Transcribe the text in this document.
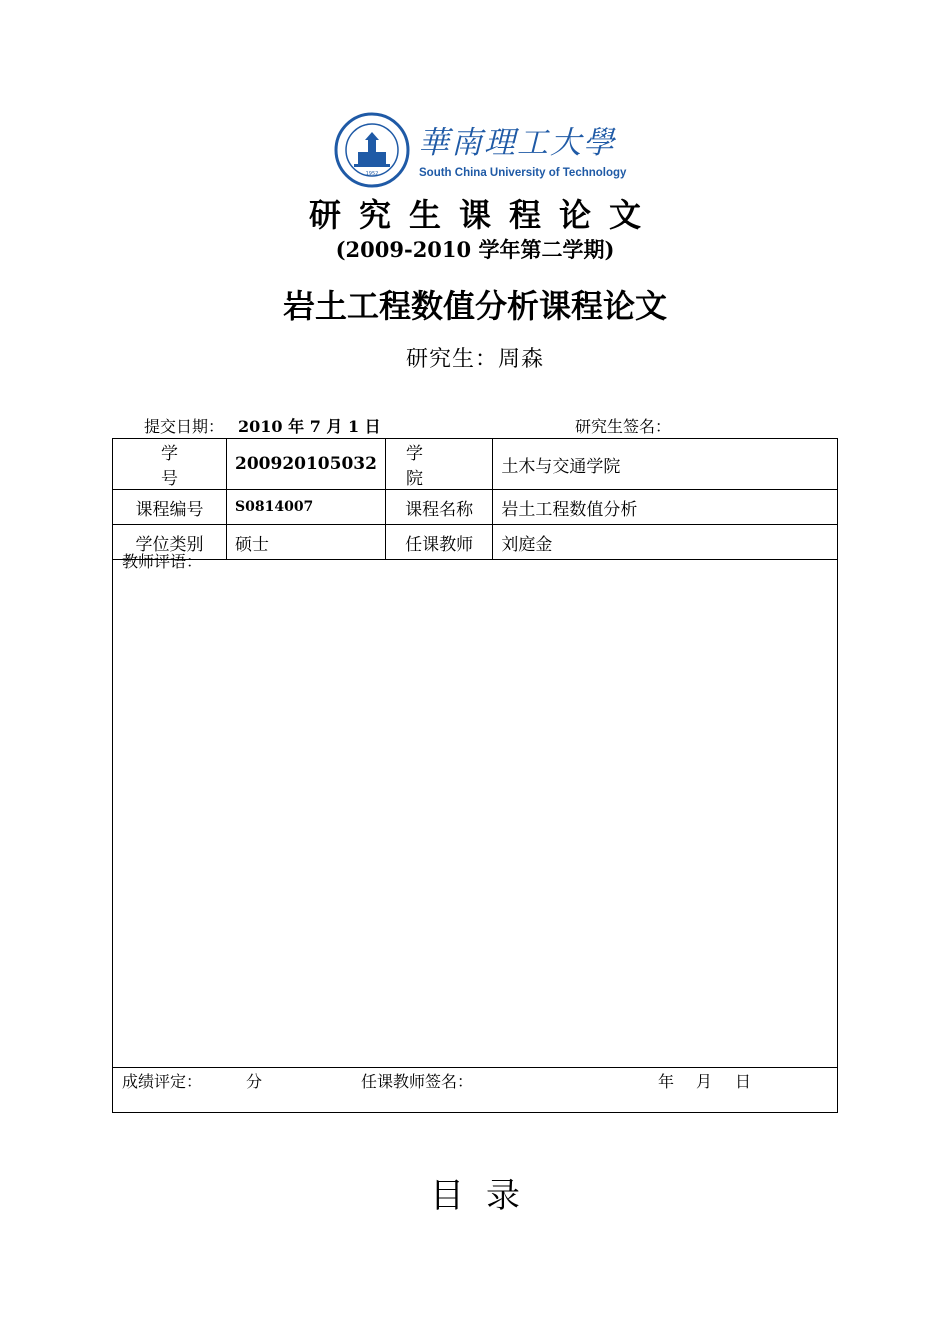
1952
華南理工大學
South China University of Technology
研究生课程论文
(2009-2010 学年第二学期)
岩土工程数值分析课程论文
研究生：周森
提交日期： 2010 年 7 月 1 日	研究生签名：
学号	200920105032	学院	土木与交通学院
课程编号	S0814007	课程名称	岩土工程数值分析
学位类别	硕士	任课教师	刘庭金
教师评语：
成绩评定：	分	任课教师签名：	年 月 日
目录
